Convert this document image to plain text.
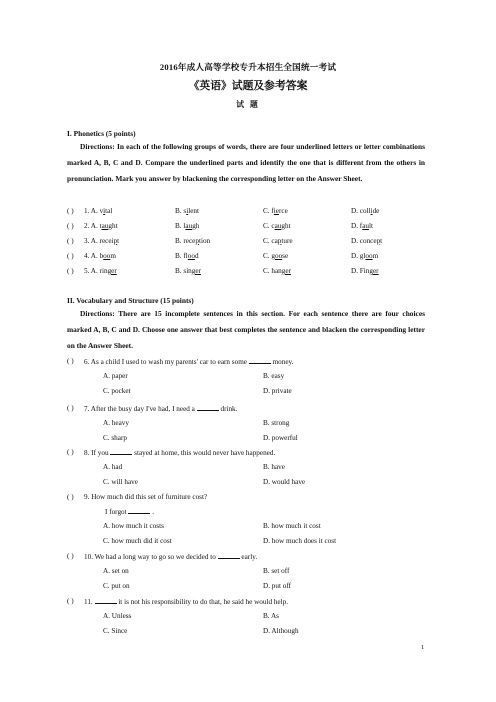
2016年成人高等学校专升本招生全国统一考试
《英语》试题及参考答案
试 题
I. Phonetics (5 points)
Directions: In each of the following groups of words, there are four underlined letters or letter combinations marked A, B, C and D. Compare the underlined parts and identify the one that is different from the others in pronunciation. Mark you answer by blackening the corresponding letter on the Answer Sheet.
( ) 1. A. vital	B. silent	C. fierce	D. collide
( ) 2. A. taught	B. laugh	C. caught	D. fault
( ) 3. A. receipt	B. reception	C. capture	D. concept
( ) 4. A. boom	B. flood	C. goose	D. gloom
( ) 5. A. ringer	B. singer	C. hanger	D. Finger
II. Vocabulary and Structure (15 points)
Directions: There are 15 incomplete sentences in this section. For each sentence there are four choices marked A, B, C and D. Choose one answer that best completes the sentence and blacken the corresponding letter on the Answer Sheet.
( ) 6. As a child I used to wash my parents' car to earn some	money.
A. paper	B. easy
C. pocket	D. private
( ) 7. After the busy day I've had, I need a	drink.
A. heavy	B. strong
C. sharp	D. powerful
( ) 8. If you	stayed at home, this would never have happened.
A. had	B. have
C. will have	D. would have
( ) 9. How much did this set of furniture cost?
I forgot	.
A. how much it costs	B. how much it cost
C. how much did it cost	D. how much does it cost
( ) 10. We had a long way to go so we decided to	early.
A. set on	B. set off
C. put on	D. put off
( ) 11.	it is not his responsibility to do that, he said he would help.
A. Unless	B. As
C. Since	D. Although
1
